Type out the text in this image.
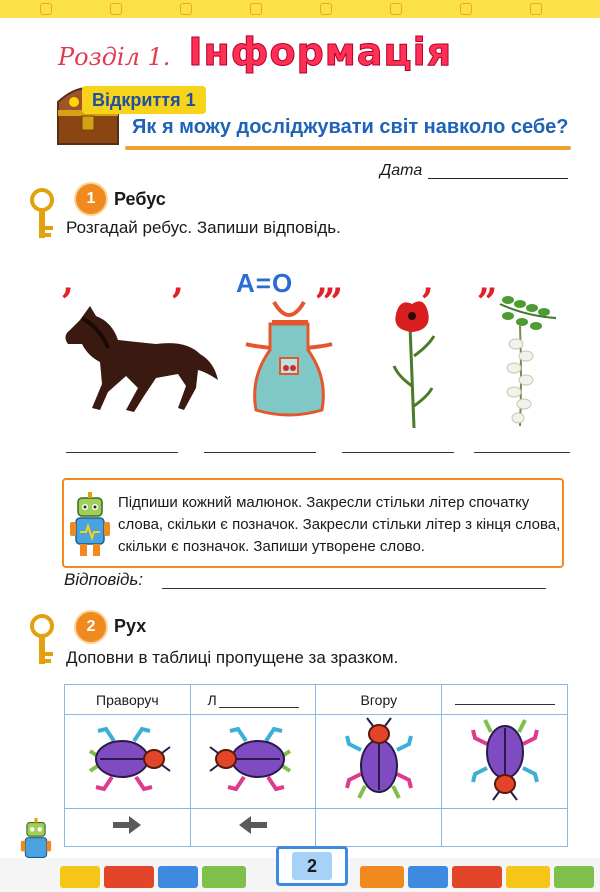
Розділ 1. Інформація
Відкриття 1
Як я можу досліджувати світ навколо себе?
Дата
1	Ребус
Розгадай ребус. Запиши відповідь.
,	, A=O ,,, , ,,
Підпиши кожний малюнок. Закресли стільки літер спочатку слова, скільки є позначок. Закресли стільки літер з кінця слова, скільки є позначок. Запиши утворене слово.
Відповідь:
2	Рух
Доповни в таблиці пропущене за зразком.
Праворуч	Л	Вгору	

2
